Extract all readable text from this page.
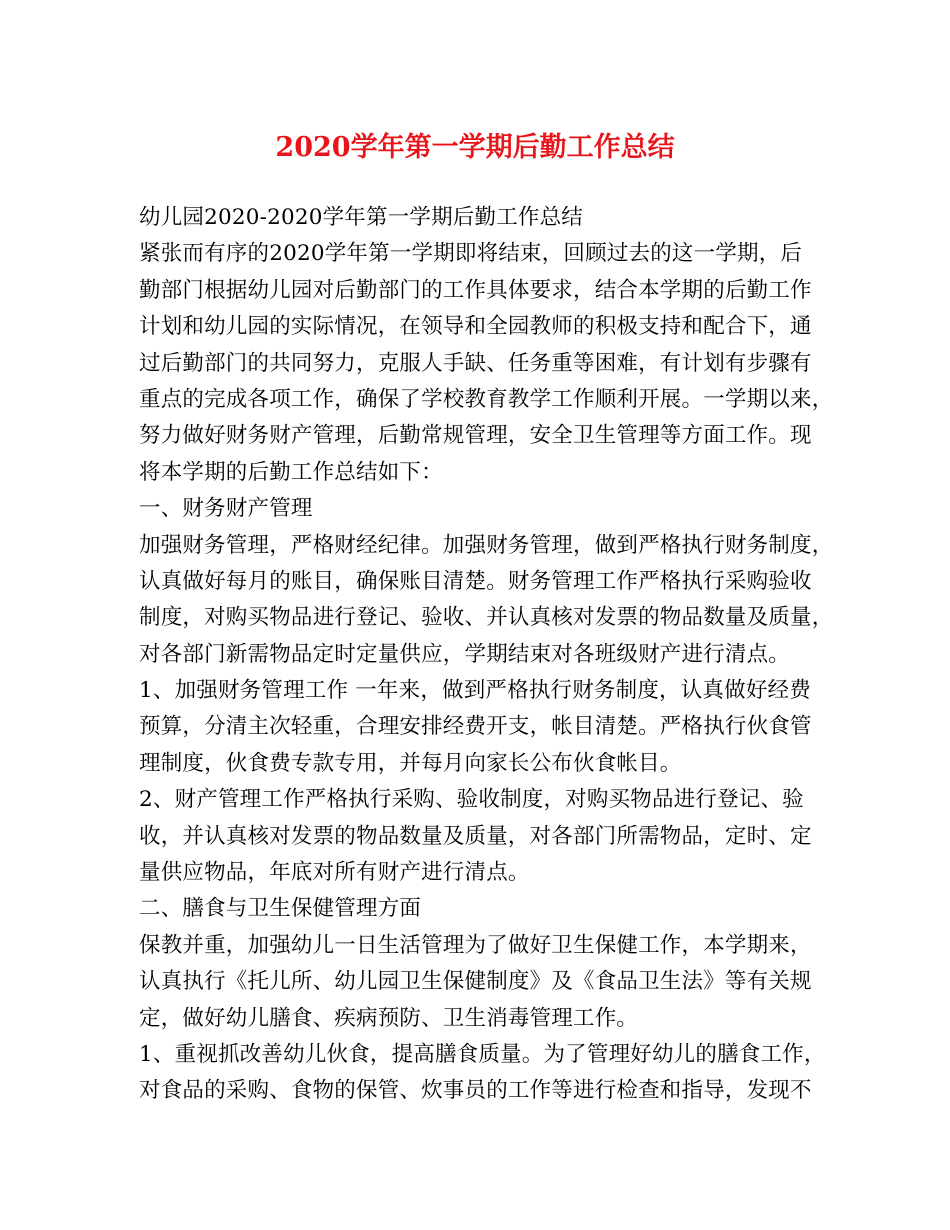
2020学年第一学期后勤工作总结
幼儿园2020-2020学年第一学期后勤工作总结
紧张而有序的2020学年第一学期即将结束，回顾过去的这一学期，后
勤部门根据幼儿园对后勤部门的工作具体要求，结合本学期的后勤工作
计划和幼儿园的实际情况，在领导和全园教师的积极支持和配合下，通
过后勤部门的共同努力，克服人手缺、任务重等困难，有计划有步骤有
重点的完成各项工作，确保了学校教育教学工作顺利开展。一学期以来，
努力做好财务财产管理，后勤常规管理，安全卫生管理等方面工作。现
将本学期的后勤工作总结如下：
一、财务财产管理
加强财务管理，严格财经纪律。加强财务管理，做到严格执行财务制度，
认真做好每月的账目，确保账目清楚。财务管理工作严格执行采购验收
制度，对购买物品进行登记、验收、并认真核对发票的物品数量及质量，
对各部门新需物品定时定量供应，学期结束对各班级财产进行清点。
1、加强财务管理工作 一年来，做到严格执行财务制度，认真做好经费
预算，分清主次轻重，合理安排经费开支，帐目清楚。严格执行伙食管
理制度，伙食费专款专用，并每月向家长公布伙食帐目。
2、财产管理工作严格执行采购、验收制度，对购买物品进行登记、验
收，并认真核对发票的物品数量及质量，对各部门所需物品，定时、定
量供应物品，年底对所有财产进行清点。
二、膳食与卫生保健管理方面
保教并重，加强幼儿一日生活管理为了做好卫生保健工作，本学期来，
认真执行《托儿所、幼儿园卫生保健制度》及《食品卫生法》等有关规
定，做好幼儿膳食、疾病预防、卫生消毒管理工作。
1、重视抓改善幼儿伙食，提高膳食质量。为了管理好幼儿的膳食工作，
对食品的采购、食物的保管、炊事员的工作等进行检查和指导，发现不
